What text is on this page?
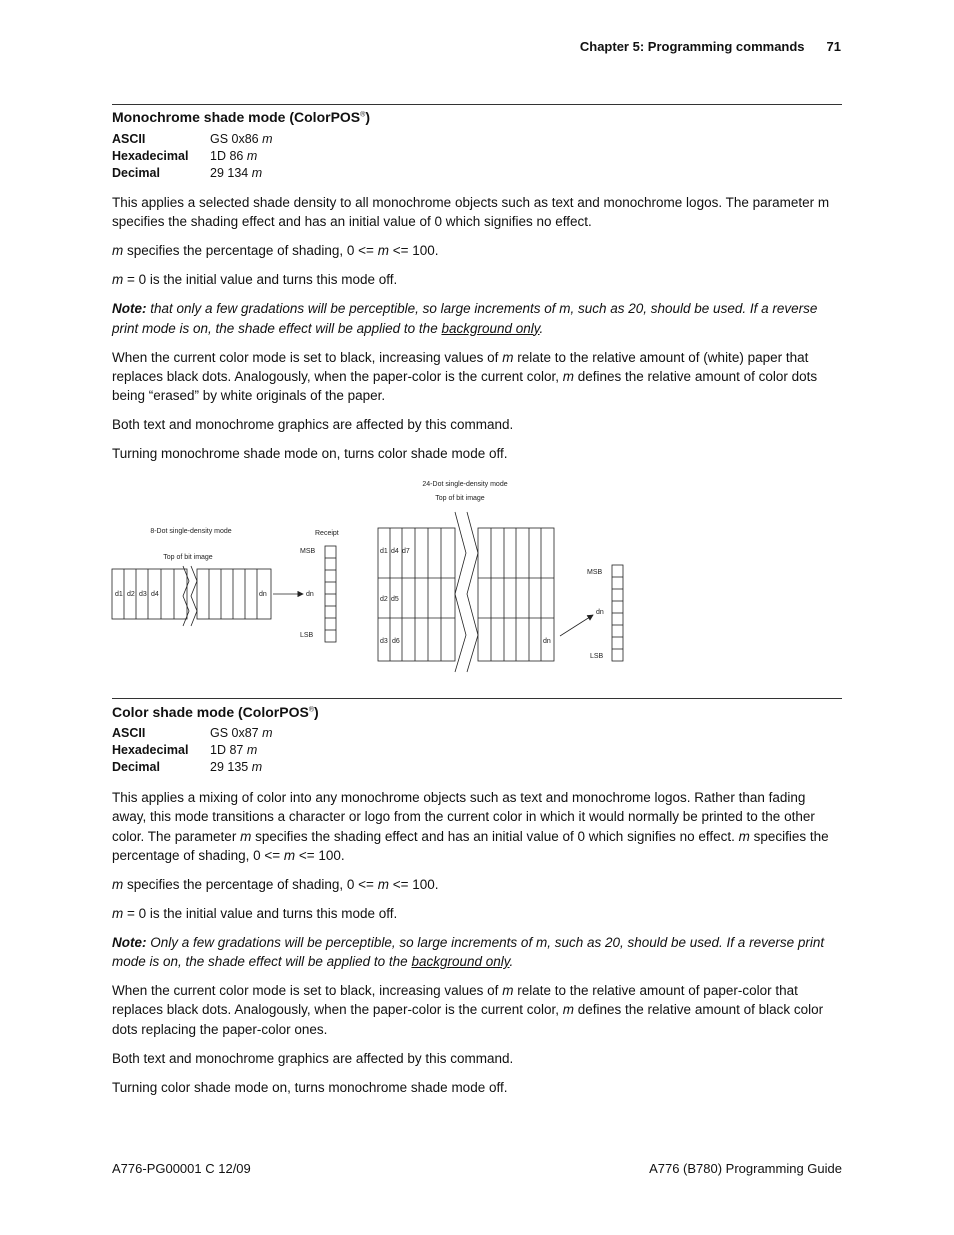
Chapter 5: Programming commands 71
Monochrome shade mode (ColorPOS®)
ASCII	GS 0x86 m
Hexadecimal	1D 86 m
Decimal	29 134 m

This applies a selected shade density to all monochrome objects such as text and monochrome logos. The parameter m specifies the shading effect and has an initial value of 0 which signifies no effect.

m specifies the percentage of shading, 0 <= m <= 100.

m = 0 is the initial value and turns this mode off.

Note: that only a few gradations will be perceptible, so large increments of m, such as 20, should be used. If a reverse print mode is on, the shade effect will be applied to the background only.

When the current color mode is set to black, increasing values of m relate to the relative amount of (white) paper that replaces black dots. Analogously, when the paper-color is the current color, m defines the relative amount of color dots being “erased” by white originals of the paper.

Both text and monochrome graphics are affected by this command.

Turning monochrome shade mode on, turns color shade mode off.

8-Dot single-density mode
Top of bit image
d1 d2 d3 d4	dn
Receipt
MSB
dn
LSB
24-Dot single-density mode
Top of bit image
d1 d4 d7
d2 d5
d3 d6	dn
MSB
dn
LSB
Color shade mode (ColorPOS®)
ASCII	GS 0x87 m
Hexadecimal	1D 87 m
Decimal	29 135 m

This applies a mixing of color into any monochrome objects such as text and monochrome logos. Rather than fading away, this mode transitions a character or logo from the current color in which it would normally be printed to the other color. The parameter m specifies the shading effect and has an initial value of 0 which signifies no effect. m specifies the percentage of shading, 0 <= m <= 100.

m specifies the percentage of shading, 0 <= m <= 100.

m = 0 is the initial value and turns this mode off.

Note: Only a few gradations will be perceptible, so large increments of m, such as 20, should be used. If a reverse print mode is on, the shade effect will be applied to the background only.

When the current color mode is set to black, increasing values of m relate to the relative amount of paper-color that replaces black dots. Analogously, when the paper-color is the current color, m defines the relative amount of black color dots replacing the paper-color ones.

Both text and monochrome graphics are affected by this command.

Turning color shade mode on, turns monochrome shade mode off.

A776-PG00001 C 12/09	A776 (B780) Programming Guide
